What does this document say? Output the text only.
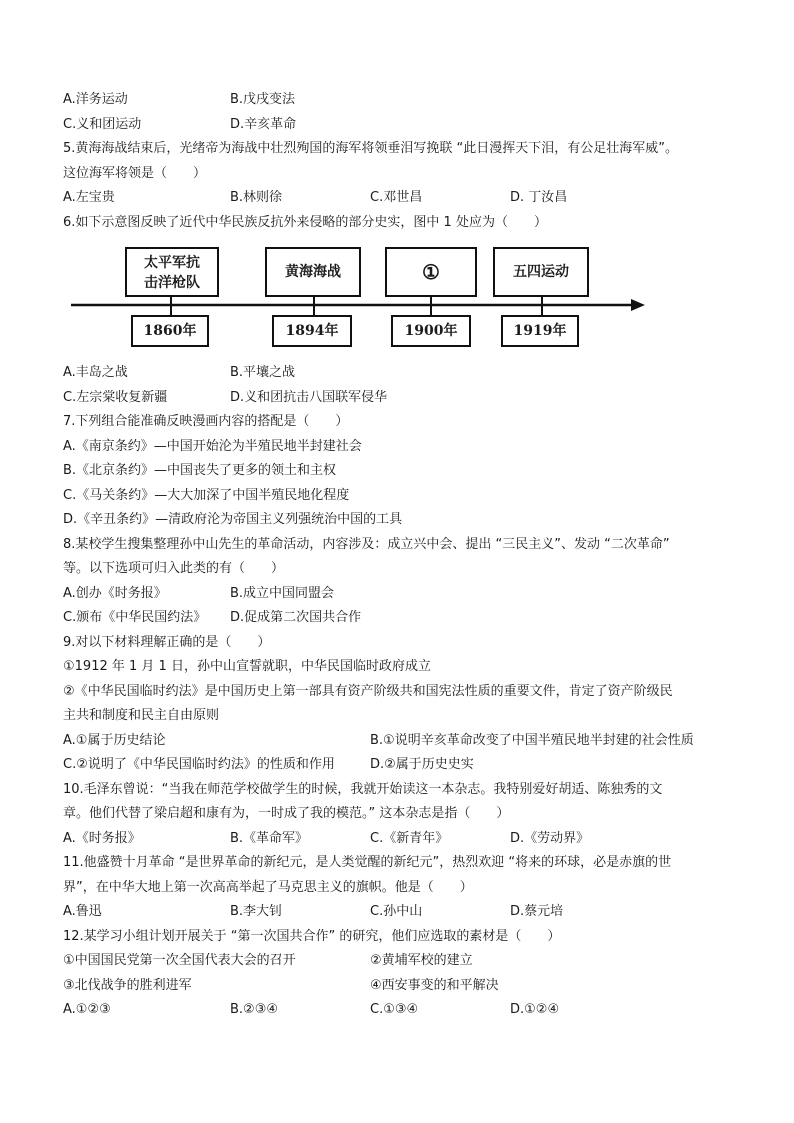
A.洋务运动	B.戊戌变法
C.义和团运动	D.辛亥革命
5.黄海海战结束后，光绪帝为海战中壮烈殉国的海军将领垂泪写挽联 “此日漫挥天下泪，有公足壮海军威”。
这位海军将领是（　　）
A.左宝贵	B.林则徐	C.邓世昌	D. 丁汝昌
6.如下示意图反映了近代中华民族反抗外来侵略的部分史实，图中 1 处应为（　　）
太平军抗
击洋枪队
黄海海战	①	五四运动
1860年	1894年	1900年	1919年
A.丰岛之战	B.平壤之战
C.左宗棠收复新疆	D.义和团抗击八国联军侵华
7.下列组合能准确反映漫画内容的搭配是（　　）
A.《南京条约》—中国开始沦为半殖民地半封建社会
B.《北京条约》—中国丧失了更多的领土和主权
C.《马关条约》—大大加深了中国半殖民地化程度
D.《辛丑条约》—清政府沦为帝国主义列强统治中国的工具
8.某校学生搜集整理孙中山先生的革命活动，内容涉及：成立兴中会、提出 “三民主义”、发动 “二次革命”
等。以下选项可归入此类的有（　　）
A.创办《时务报》	B.成立中国同盟会
C.颁布《中华民国约法》 D.促成第二次国共合作
9.对以下材料理解正确的是（　　）
①1912 年 1 月 1 日，孙中山宣誓就职，中华民国临时政府成立
②《中华民国临时约法》是中国历史上第一部具有资产阶级共和国宪法性质的重要文件，肯定了资产阶级民
主共和制度和民主自由原则
A.①属于历史结论	B.①说明辛亥革命改变了中国半殖民地半封建的社会性质
C.②说明了《中华民国临时约法》的性质和作用	D.②属于历史史实
10.毛泽东曾说：“当我在师范学校做学生的时候，我就开始读这一本杂志。我特别爱好胡适、陈独秀的文
章。他们代替了梁启超和康有为，一时成了我的模范。” 这本杂志是指（　　）
A.《时务报》	B.《革命军》	C.《新青年》	D.《劳动界》
11.他盛赞十月革命 “是世界革命的新纪元，是人类觉醒的新纪元”，热烈欢迎 “将来的环球，必是赤旗的世
界”，在中华大地上第一次高高举起了马克思主义的旗帜。他是（　　）
A.鲁迅	B.李大钊	C.孙中山	D.蔡元培
12.某学习小组计划开展关于 “第一次国共合作” 的研究，他们应选取的素材是（　　）
①中国国民党第一次全国代表大会的召开	②黄埔军校的建立
③北伐战争的胜利进军	④西安事变的和平解决
A.①②③	B.②③④	C.①③④	D.①②④
